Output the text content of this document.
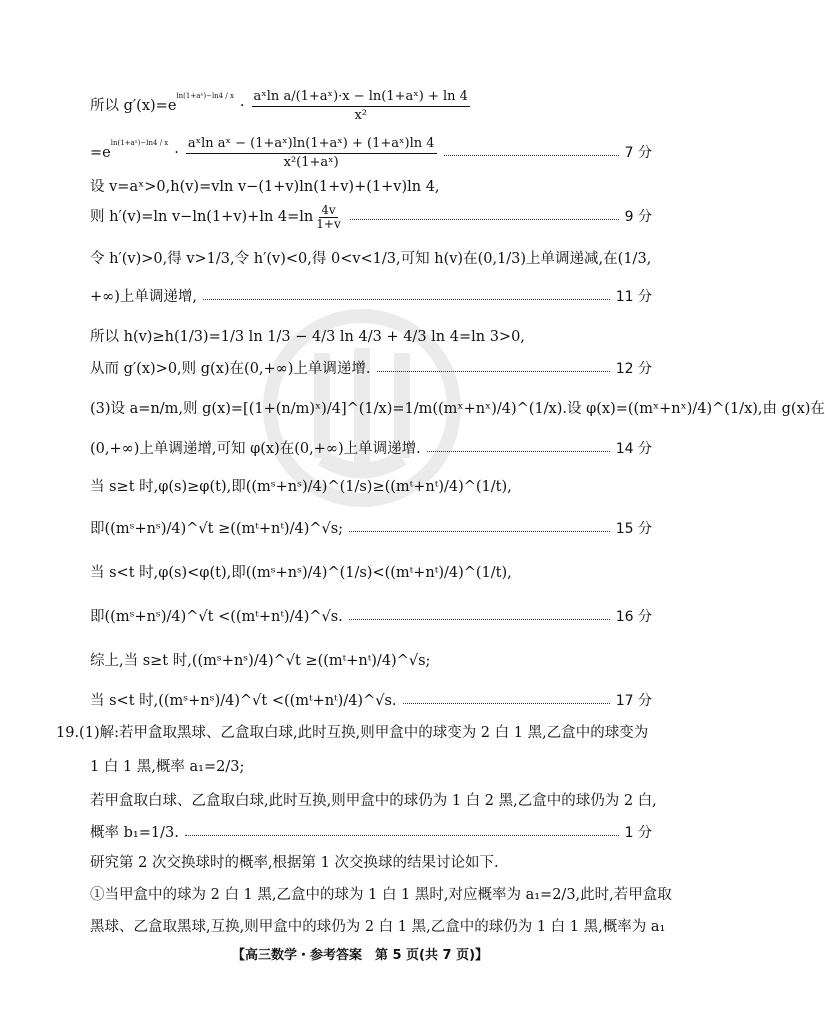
所以 g′(x)=e
ln(1+aˣ)−ln4 / x
· $\frac{\text{aˣln a/(1+aˣ)·x − ln(1+aˣ) + ln 4}}{\text{x²}}$
=e
ln(1+aˣ)−ln4 / x
· $\frac{\text{aˣln aˣ − (1+aˣ)ln(1+aˣ) + (1+aˣ)ln 4}}{\text{x²(1+aˣ)}}$	7 分
设 v=aˣ>0,h(v)=vln v−(1+v)ln(1+v)+(1+v)ln 4,
则 h′(v)=ln v−ln(1+v)+ln $4=\ln \frac{4v}{1+v}$	9 分
令 h′(v)>0,得 v>1/3,令 h′(v)<0,得 0<v<1/3,可知 h(v)在(0,1/3)上单调递减,在(1/3,
+∞)上单调递增,	11 分
所以 h(v)≥h(1/3)=1/3 ln 1/3 − 4/3 ln 4/3 + 4/3 ln 4=ln 3>0,
从而 g′(x)>0,则 g(x)在(0,+∞)上单调递增.	12 分
(3)设 a=n/m,则 g(x)=[(1+(n/m)ˣ)/4]^(1/x)=1/m((mˣ+nˣ)/4)^(1/x).设 φ(x)=((mˣ+nˣ)/4)^(1/x),由 g(x)在
(0,+∞)上单调递增,可知 φ(x)在(0,+∞)上单调递增.	14 分
当 s≥t 时,φ(s)≥φ(t),即((mˢ+nˢ)/4)^(1/s)≥((mᵗ+nᵗ)/4)^(1/t),
即((mˢ+nˢ)/4)^√t ≥((mᵗ+nᵗ)/4)^√s;	15 分
当 s<t 时,φ(s)<φ(t),即((mˢ+nˢ)/4)^(1/s)<((mᵗ+nᵗ)/4)^(1/t),
即((mˢ+nˢ)/4)^√t <((mᵗ+nᵗ)/4)^√s.	16 分
综上,当 s≥t 时,((mˢ+nˢ)/4)^√t ≥((mᵗ+nᵗ)/4)^√s;
当 s<t 时,((mˢ+nˢ)/4)^√t <((mᵗ+nᵗ)/4)^√s.	17 分
19.(1)解:若甲盒取黑球、乙盒取白球,此时互换,则甲盒中的球变为 2 白 1 黑,乙盒中的球变为
1 白 1 黑,概率 a₁=2/3;
若甲盒取白球、乙盒取白球,此时互换,则甲盒中的球仍为 1 白 2 黑,乙盒中的球仍为 2 白,
概率 b₁=1/3.	1 分
研究第 2 次交换球时的概率,根据第 1 次交换球的结果讨论如下.
①当甲盒中的球为 2 白 1 黑,乙盒中的球为 1 白 1 黑时,对应概率为 a₁=2/3,此时,若甲盒取
黑球、乙盒取黑球,互换,则甲盒中的球仍为 2 白 1 黑,乙盒中的球仍为 1 白 1 黑,概率为 a₁
【高三数学・参考答案　第 5 页(共 7 页)】
